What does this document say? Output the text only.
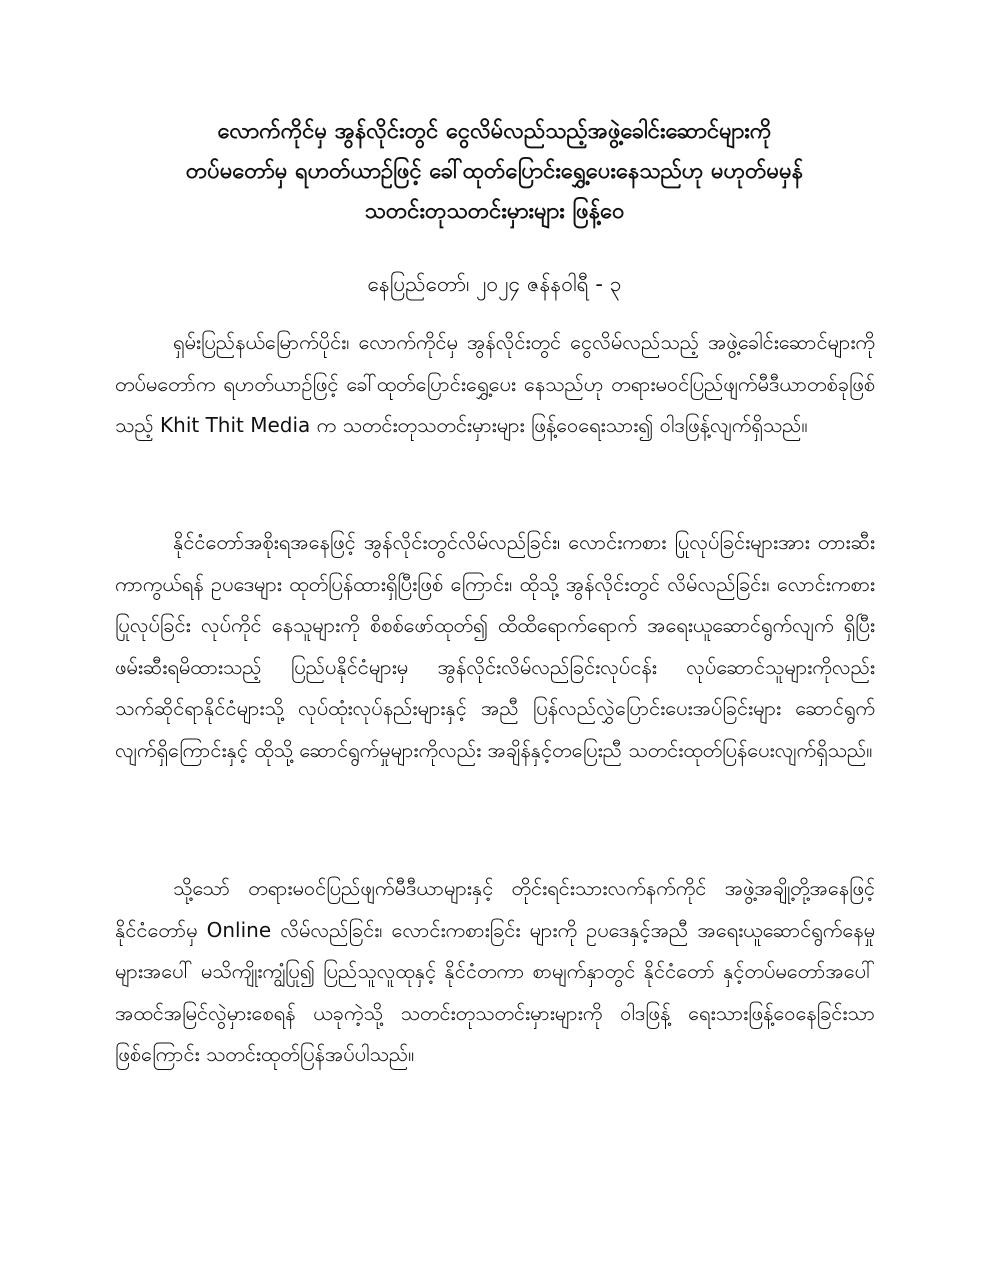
လောက်ကိုင်မှ အွန်လိုင်းတွင် ငွေလိမ်လည်သည့်အဖွဲ့ခေါင်းဆောင်များကို
တပ်မတော်မှ ရဟတ်ယာဉ်ဖြင့် ခေါ်ထုတ်ပြောင်းရွှေ့ပေးနေသည်ဟု မဟုတ်မမှန်
သတင်းတုသတင်းမှားများ ဖြန့်ဝေ
နေပြည်တော်၊ ၂၀၂၄ ဇန်နဝါရီ - ၃

ရှမ်းပြည်နယ်မြောက်ပိုင်း၊ လောက်ကိုင်မှ အွန်လိုင်းတွင် ငွေလိမ်လည်သည့် အဖွဲ့ခေါင်းဆောင်များကို တပ်မတော်က ရဟတ်ယာဉ်ဖြင့် ခေါ်ထုတ်ပြောင်းရွှေ့ပေး နေသည်ဟု တရားမဝင်ပြည်ဖျက်မီဒီယာတစ်ခုဖြစ်သည့် Khit Thit Media က သတင်းတုသတင်းမှားများ ဖြန့်ဝေရေးသား၍ ဝါဒဖြန့်လျက်ရှိသည်။

နိုင်ငံတော်အစိုးရအနေဖြင့် အွန်လိုင်းတွင်လိမ်လည်ခြင်း၊ လောင်းကစား ပြုလုပ်ခြင်းများအား တားဆီးကာကွယ်ရန် ဥပဒေများ ထုတ်ပြန်ထားရှိပြီးဖြစ် ကြောင်း၊ ထိုသို့ အွန်လိုင်းတွင် လိမ်လည်ခြင်း၊ လောင်းကစားပြုလုပ်ခြင်း လုပ်ကိုင် နေသူများကို စိစစ်ဖော်ထုတ်၍ ထိထိရောက်ရောက် အရေးယူဆောင်ရွက်လျက် ရှိပြီး ဖမ်းဆီးရမိထားသည့် ပြည်ပနိုင်ငံများမှ အွန်လိုင်းလိမ်လည်ခြင်းလုပ်ငန်း လုပ်ဆောင်သူများကိုလည်း သက်ဆိုင်ရာနိုင်ငံများသို့ လုပ်ထုံးလုပ်နည်းများနှင့် အညီ ပြန်လည်လွှဲပြောင်းပေးအပ်ခြင်းများ ဆောင်ရွက်လျက်ရှိကြောင်းနှင့် ထိုသို့ ဆောင်ရွက်မှုများကိုလည်း အချိန်နှင့်တပြေးညီ သတင်းထုတ်ပြန်ပေးလျက်ရှိသည်။

သို့သော် တရားမဝင်ပြည်ဖျက်မီဒီယာများနှင့် တိုင်းရင်းသားလက်နက်ကိုင် အဖွဲ့အချို့တို့အနေဖြင့် နိုင်ငံတော်မှ Online လိမ်လည်ခြင်း၊ လောင်းကစားခြင်း များကို ဥပဒေနှင့်အညီ အရေးယူဆောင်ရွက်နေမှုများအပေါ် မသိကျိုးကျွံပြု၍ ပြည်သူလူထုနှင့် နိုင်ငံတကာ စာမျက်နှာတွင် နိုင်ငံတော် နှင့်တပ်မတော်အပေါ် အထင်အမြင်လွဲမှားစေရန် ယခုကဲ့သို့ သတင်းတုသတင်းမှားများကို ဝါဒဖြန့် ရေးသားဖြန့်ဝေနေခြင်းသာဖြစ်ကြောင်း သတင်းထုတ်ပြန်အပ်ပါသည်။
